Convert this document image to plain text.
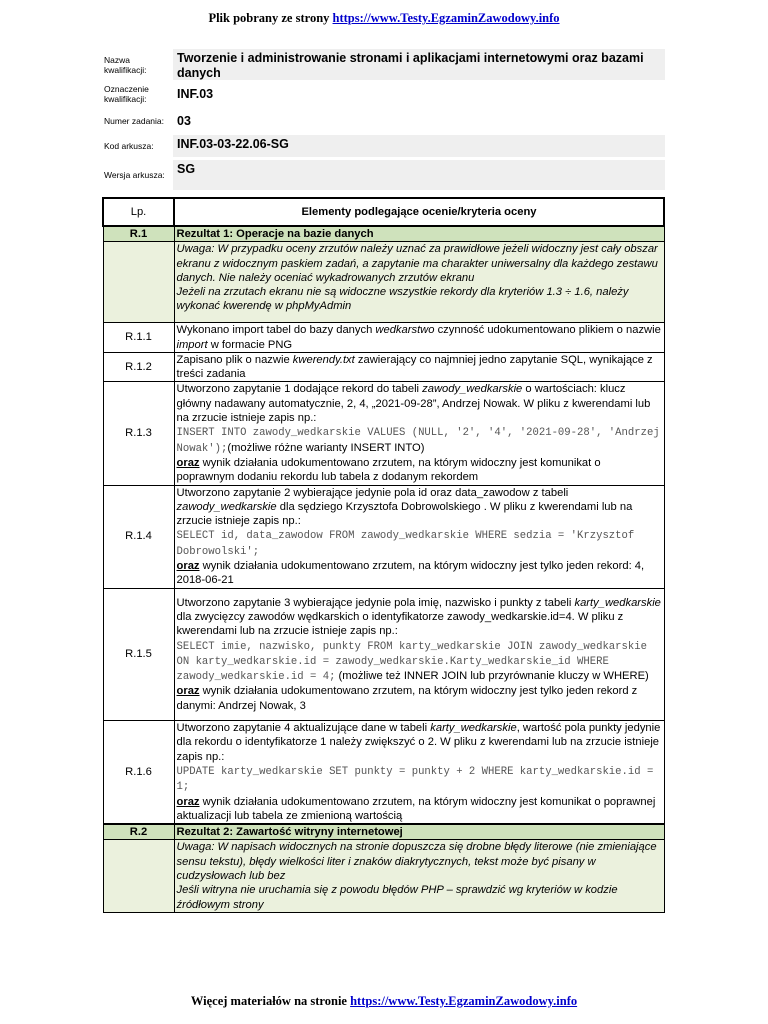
Plik pobrany ze strony https://www.Testy.EgzaminZawodowy.info
Nazwa kwalifikacji:
Tworzenie i administrowanie stronami i aplikacjami internetowymi oraz bazami danych
Oznaczenie kwalifikacji:	INF.03
Numer zadania:	03
Kod arkusza:	INF.03-03-22.06-SG
Wersja arkusza: SG
Lp.	Elementy podlegające ocenie/kryteria oceny
R.1	Rezultat 1: Operacje na bazie danych
	Uwaga: W przypadku oceny zrzutów należy uznać za prawidłowe jeżeli widoczny jest cały obszar ekranu z widocznym paskiem zadań, a zapytanie ma charakter uniwersalny dla każdego zestawu danych. Nie należy oceniać wykadrowanych zrzutów ekranu
Jeżeli na zrzutach ekranu nie są widoczne wszystkie rekordy dla kryteriów 1.3 ÷ 1.6, należy wykonać kwerendę w phpMyAdmin
R.1.1	Wykonano import tabel do bazy danych wedkarstwo czynność udokumentowano plikiem o nazwie import w formacie PNG
R.1.2	Zapisano plik o nazwie kwerendy.txt zawierający co najmniej jedno zapytanie SQL, wynikające z treści zadania
R.1.3	Utworzono zapytanie 1 dodające rekord do tabeli zawody_wedkarskie o wartościach: klucz główny nadawany automatycznie, 2, 4, „2021-09-28”, Andrzej Nowak. W pliku z kwerendami lub na zrzucie istnieje zapis np.:
INSERT INTO zawody_wedkarskie VALUES (NULL, '2', '4', '2021-09-28', 'Andrzej Nowak');(możliwe różne warianty INSERT INTO)
oraz wynik działania udokumentowano zrzutem, na którym widoczny jest komunikat o poprawnym dodaniu rekordu lub tabela z dodanym rekordem
R.1.4	Utworzono zapytanie 2 wybierające jedynie pola id oraz data_zawodow z tabeli zawody_wedkarskie dla sędziego Krzysztofa Dobrowolskiego . W pliku z kwerendami lub na zrzucie istnieje zapis np.:
SELECT id, data_zawodow FROM zawody_wedkarskie WHERE sedzia = 'Krzysztof Dobrowolski';
oraz wynik działania udokumentowano zrzutem, na którym widoczny jest tylko jeden rekord: 4, 2018-06-21
R.1.5	Utworzono zapytanie 3 wybierające jedynie pola imię, nazwisko i punkty z tabeli karty_wedkarskie dla zwycięzcy zawodów wędkarskich o identyfikatorze zawody_wedkarskie.id=4. W pliku z kwerendami lub na zrzucie istnieje zapis np.:
SELECT imie, nazwisko, punkty FROM karty_wedkarskie JOIN zawody_wedkarskie ON karty_wedkarskie.id = zawody_wedkarskie.Karty_wedkarskie_id WHERE zawody_wedkarskie.id = 4; (możliwe też INNER JOIN lub przyrównanie kluczy w WHERE)
oraz wynik działania udokumentowano zrzutem, na którym widoczny jest tylko jeden rekord z danymi: Andrzej Nowak, 3
R.1.6	Utworzono zapytanie 4 aktualizujące dane w tabeli karty_wedkarskie, wartość pola punkty jedynie dla rekordu o identyfikatorze 1 należy zwiększyć o 2. W pliku z kwerendami lub na zrzucie istnieje zapis np.:
UPDATE karty_wedkarskie SET punkty = punkty + 2 WHERE karty_wedkarskie.id = 1;
oraz wynik działania udokumentowano zrzutem, na którym widoczny jest komunikat o poprawnej aktualizacji lub tabela ze zmienioną wartością
R.2	Rezultat 2: Zawartość witryny internetowej
	Uwaga: W napisach widocznych na stronie dopuszcza się drobne błędy literowe (nie zmieniające sensu tekstu), błędy wielkości liter i znaków diakrytycznych, tekst może być pisany w cudzysłowach lub bez
Jeśli witryna nie uruchamia się z powodu błędów PHP – sprawdzić wg kryteriów w kodzie źródłowym strony
Więcej materiałów na stronie https://www.Testy.EgzaminZawodowy.info
